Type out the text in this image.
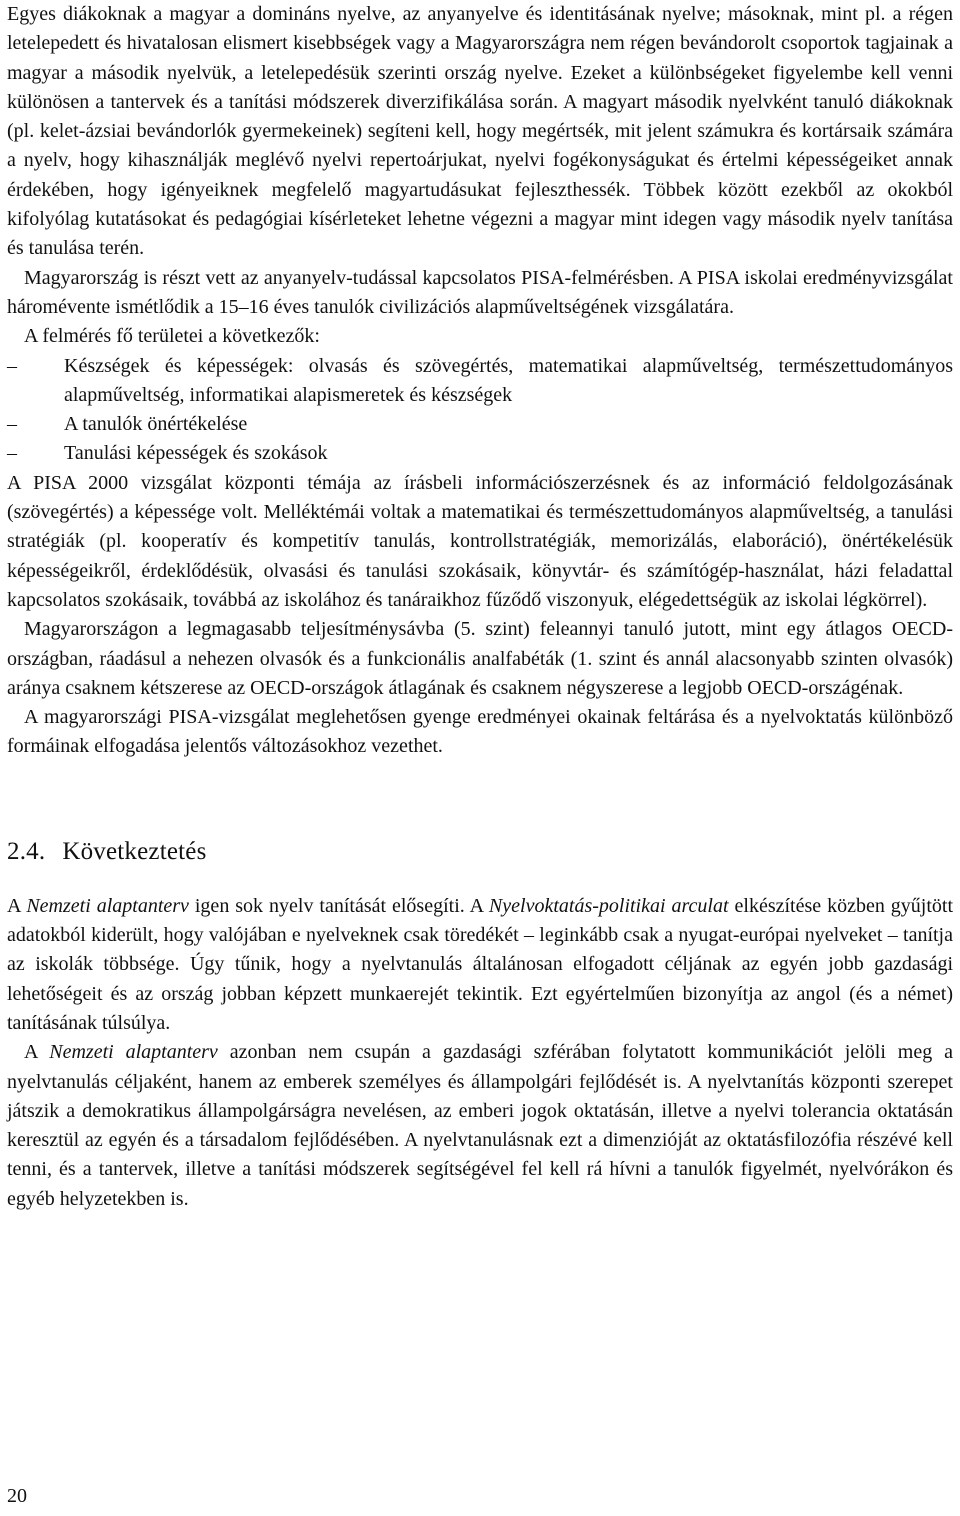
Egyes diákoknak a magyar a domináns nyelve, az anyanyelve és identitásának nyelve; másoknak, mint pl. a régen letelepedett és hivatalosan elismert kisebbségek vagy a Magyarországra nem régen bevándorolt csoportok tagjainak a magyar a második nyelvük, a letelepedésük szerinti ország nyelve. Ezeket a különbségeket figyelembe kell venni különösen a tantervek és a tanítási módszerek diverzifikálása során. A magyart második nyelvként tanuló diákoknak (pl. kelet-ázsiai bevándorlók gyermekeinek) segíteni kell, hogy megértsék, mit jelent számukra és kortársaik számára a nyelv, hogy kihasználják meglévő nyelvi repertoárjukat, nyelvi fogékonyságukat és értelmi képességeiket annak érdekében, hogy igényeiknek megfelelő magyartudásukat fejleszthessék. Többek között ezekből az okokból kifolyólag kutatásokat és pedagógiai kísérleteket lehetne végezni a magyar mint idegen vagy második nyelv tanítása és tanulása terén.

Magyarország is részt vett az anyanyelv-tudással kapcsolatos PISA-felmérésben. A PISA iskolai eredményvizsgálat háromévente ismétlődik a 15–16 éves tanulók civilizációs alapműveltségének vizsgálatára.

A felmérés fő területei a következők:

–	Készségek és képességek: olvasás és szövegértés, matematikai alapműveltség, természettudományos alapműveltség, informatikai alapismeretek és készségek
–	A tanulók önértékelése
–	Tanulási képességek és szokások

A PISA 2000 vizsgálat központi témája az írásbeli információszerzésnek és az információ feldolgozásának (szövegértés) a képessége volt. Melléktémái voltak a matematikai és természettudományos alapműveltség, a tanulási stratégiák (pl. kooperatív és kompetitív tanulás, kontrollstratégiák, memorizálás, elaboráció), önértékelésük képességeikről, érdeklődésük, olvasási és tanulási szokásaik, könyvtár- és számítógép-használat, házi feladattal kapcsolatos szokásaik, továbbá az iskolához és tanáraikhoz fűződő viszonyuk, elégedettségük az iskolai légkörrel).

Magyarországon a legmagasabb teljesítménysávba (5. szint) feleannyi tanuló jutott, mint egy átlagos OECD-országban, ráadásul a nehezen olvasók és a funkcionális analfabéták (1. szint és annál alacsonyabb szinten olvasók) aránya csaknem kétszerese az OECD-országok átlagának és csaknem négyszerese a legjobb OECD-országénak.

A magyarországi PISA-vizsgálat meglehetősen gyenge eredményei okainak feltárása és a nyelvoktatás különböző formáinak elfogadása jelentős változásokhoz vezethet.

2.4. Következtetés

A Nemzeti alaptanterv igen sok nyelv tanítását elősegíti. A Nyelvoktatás-politikai arculat elkészítése közben gyűjtött adatokból kiderült, hogy valójában e nyelveknek csak töredékét – leginkább csak a nyugat-európai nyelveket – tanítja az iskolák többsége. Úgy tűnik, hogy a nyelvtanulás általánosan elfogadott céljának az egyén jobb gazdasági lehetőségeit és az ország jobban képzett munkaerejét tekintik. Ezt egyértelműen bizonyítja az angol (és a német) tanításának túlsúlya.

A Nemzeti alaptanterv azonban nem csupán a gazdasági szférában folytatott kommunikációt jelöli meg a nyelvtanulás céljaként, hanem az emberek személyes és állampolgári fejlődését is. A nyelvtanítás központi szerepet játszik a demokratikus állampolgárságra nevelésen, az emberi jogok oktatásán, illetve a nyelvi tolerancia oktatásán keresztül az egyén és a társadalom fejlődésében. A nyelvtanulásnak ezt a dimenzióját az oktatásfilozófia részévé kell tenni, és a tantervek, illetve a tanítási módszerek segítségével fel kell rá hívni a tanulók figyelmét, nyelvórákon és egyéb helyzetekben is.

20
